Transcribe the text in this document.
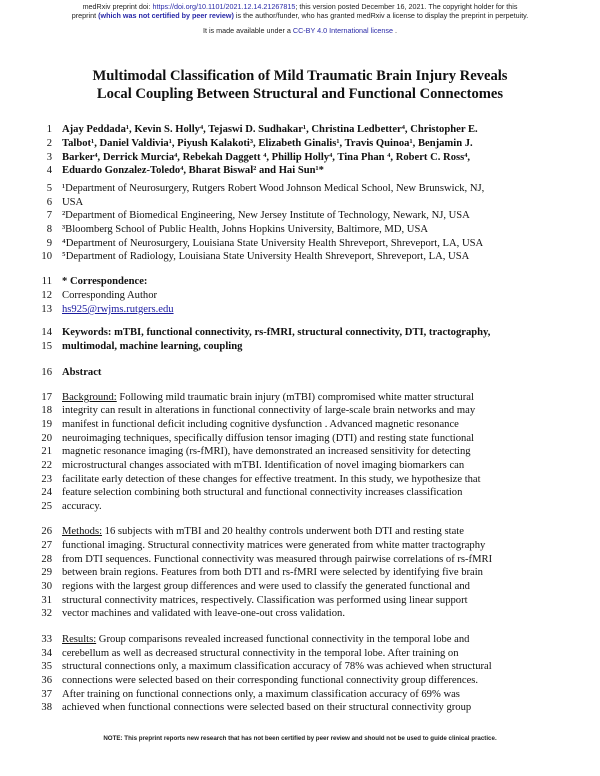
medRxiv preprint doi: https://doi.org/10.1101/2021.12.14.21267815; this version posted December 16, 2021. The copyright holder for this
preprint (which was not certified by peer review) is the author/funder, who has granted medRxiv a license to display the preprint in perpetuity.
It is made available under a CC-BY 4.0 International license .
Multimodal Classification of Mild Traumatic Brain Injury Reveals
Local Coupling Between Structural and Functional Connectomes
1 Ajay Peddada¹, Kevin S. Holly⁴, Tejaswi D. Sudhakar¹, Christina Ledbetter⁴, Christopher E.
2 Talbot¹, Daniel Valdivia¹, Piyush Kalakoti³, Elizabeth Ginalis¹, Travis Quinoa¹, Benjamin J.
3 Barker⁴, Derrick Murcia⁴, Rebekah Daggett ⁴, Phillip Holly⁴, Tina Phan ⁴, Robert C. Ross⁴,
4 Eduardo Gonzalez-Toledo⁴, Bharat Biswal² and Hai Sun¹*
5 ¹Department of Neurosurgery, Rutgers Robert Wood Johnson Medical School, New Brunswick, NJ,
6 USA
7 ²Department of Biomedical Engineering, New Jersey Institute of Technology, Newark, NJ, USA
8 ³Bloomberg School of Public Health, Johns Hopkins University, Baltimore, MD, USA
9 ⁴Department of Neurosurgery, Louisiana State University Health Shreveport, Shreveport, LA, USA
10 ⁵Department of Radiology, Louisiana State University Health Shreveport, Shreveport, LA, USA
11 * Correspondence:
12 Corresponding Author
13 hs925@rwjms.rutgers.edu
14 Keywords: mTBI, functional connectivity, rs-fMRI, structural connectivity, DTI, tractography,
15 multimodal, machine learning, coupling
16 Abstract
17 Background: Following mild traumatic brain injury (mTBI) compromised white matter structural
18 integrity can result in alterations in functional connectivity of large-scale brain networks and may
19 manifest in functional deficit including cognitive dysfunction . Advanced magnetic resonance
20 neuroimaging techniques, specifically diffusion tensor imaging (DTI) and resting state functional
21 magnetic resonance imaging (rs-fMRI), have demonstrated an increased sensitivity for detecting
22 microstructural changes associated with mTBI. Identification of novel imaging biomarkers can
23 facilitate early detection of these changes for effective treatment. In this study, we hypothesize that
24 feature selection combining both structural and functional connectivity increases classification
25 accuracy.
26 Methods: 16 subjects with mTBI and 20 healthy controls underwent both DTI and resting state
27 functional imaging. Structural connectivity matrices were generated from white matter tractography
28 from DTI sequences. Functional connectivity was measured through pairwise correlations of rs-fMRI
29 between brain regions. Features from both DTI and rs-fMRI were selected by identifying five brain
30 regions with the largest group differences and were used to classify the generated functional and
31 structural connectivity matrices, respectively. Classification was performed using linear support
32 vector machines and validated with leave-one-out cross validation.
33 Results: Group comparisons revealed increased functional connectivity in the temporal lobe and
34 cerebellum as well as decreased structural connectivity in the temporal lobe. After training on
35 structural connections only, a maximum classification accuracy of 78% was achieved when structural
36 connections were selected based on their corresponding functional connectivity group differences.
37 After training on functional connections only, a maximum classification accuracy of 69% was
38 achieved when functional connections were selected based on their structural connectivity group
NOTE: This preprint reports new research that has not been certified by peer review and should not be used to guide clinical practice.
